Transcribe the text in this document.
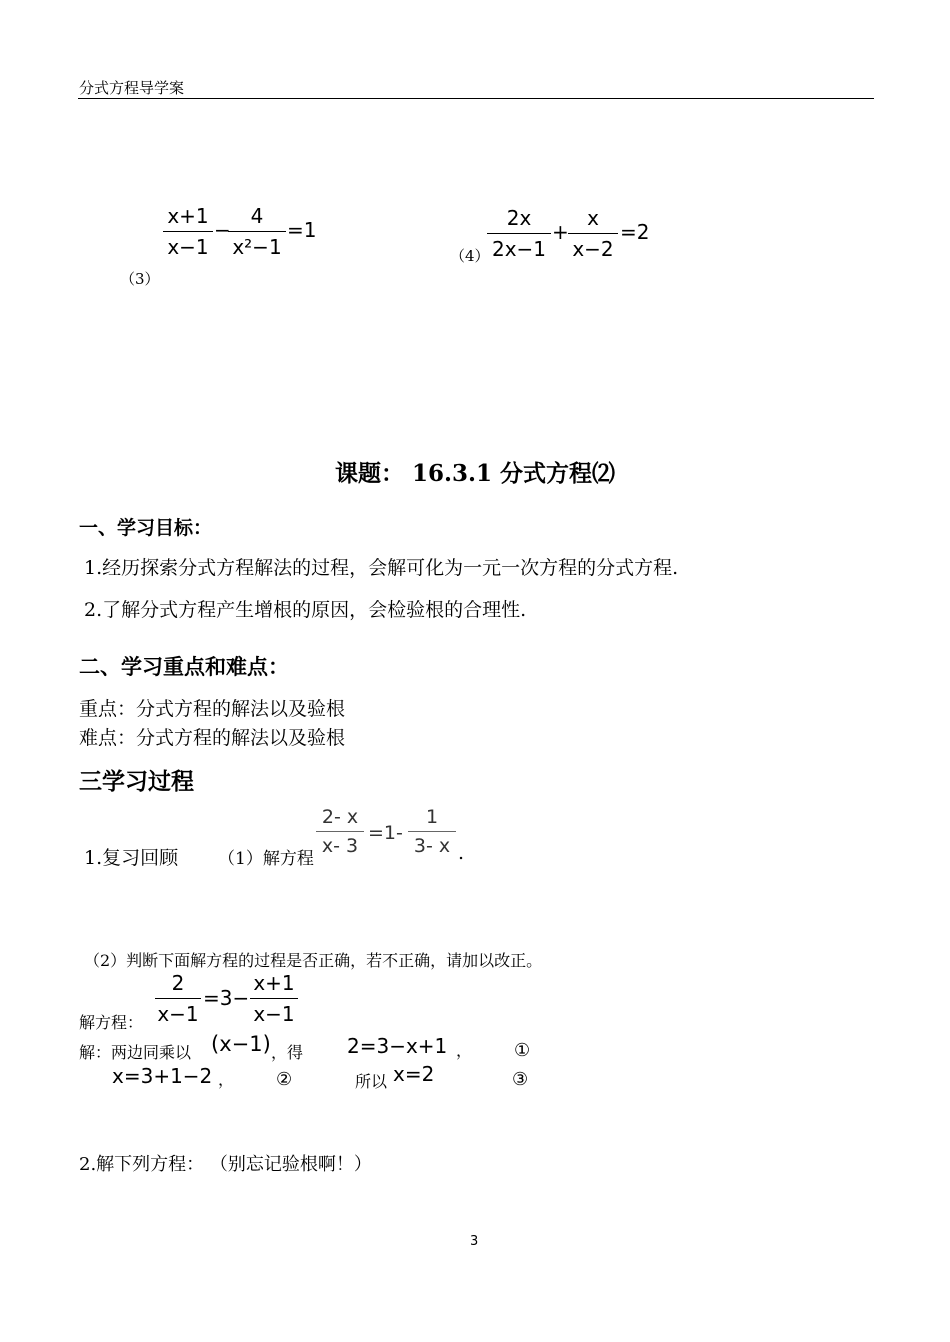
分式方程导学案
（3）
x+1
x−1
−
4
x²−1
=1
（4）
2x
2x−1
+
x
x−2
=2
课题： 16.3.1 分式方程⑵
一、学习目标：
1.经历探索分式方程解法的过程，会解可化为一元一次方程的分式方程.
2.了解分式方程产生增根的原因，会检验根的合理性.
二、学习重点和难点：
重点：分式方程的解法以及验根
难点：分式方程的解法以及验根
三学习过程
1.复习回顾 （1）解方程
2- x
x- 3
=1-
1
3- x .
（2）判断下面解方程的过程是否正确，若不正确，请加以改正。
解方程：
2
x−1
=3−
x+1
x−1
解：两边同乘以 (x−1) ，得 2=3−x+1 ， ①
x=3+1−2 ， ②	所以 x=2	③
2.解下列方程： （别忘记验根啊！）
3
